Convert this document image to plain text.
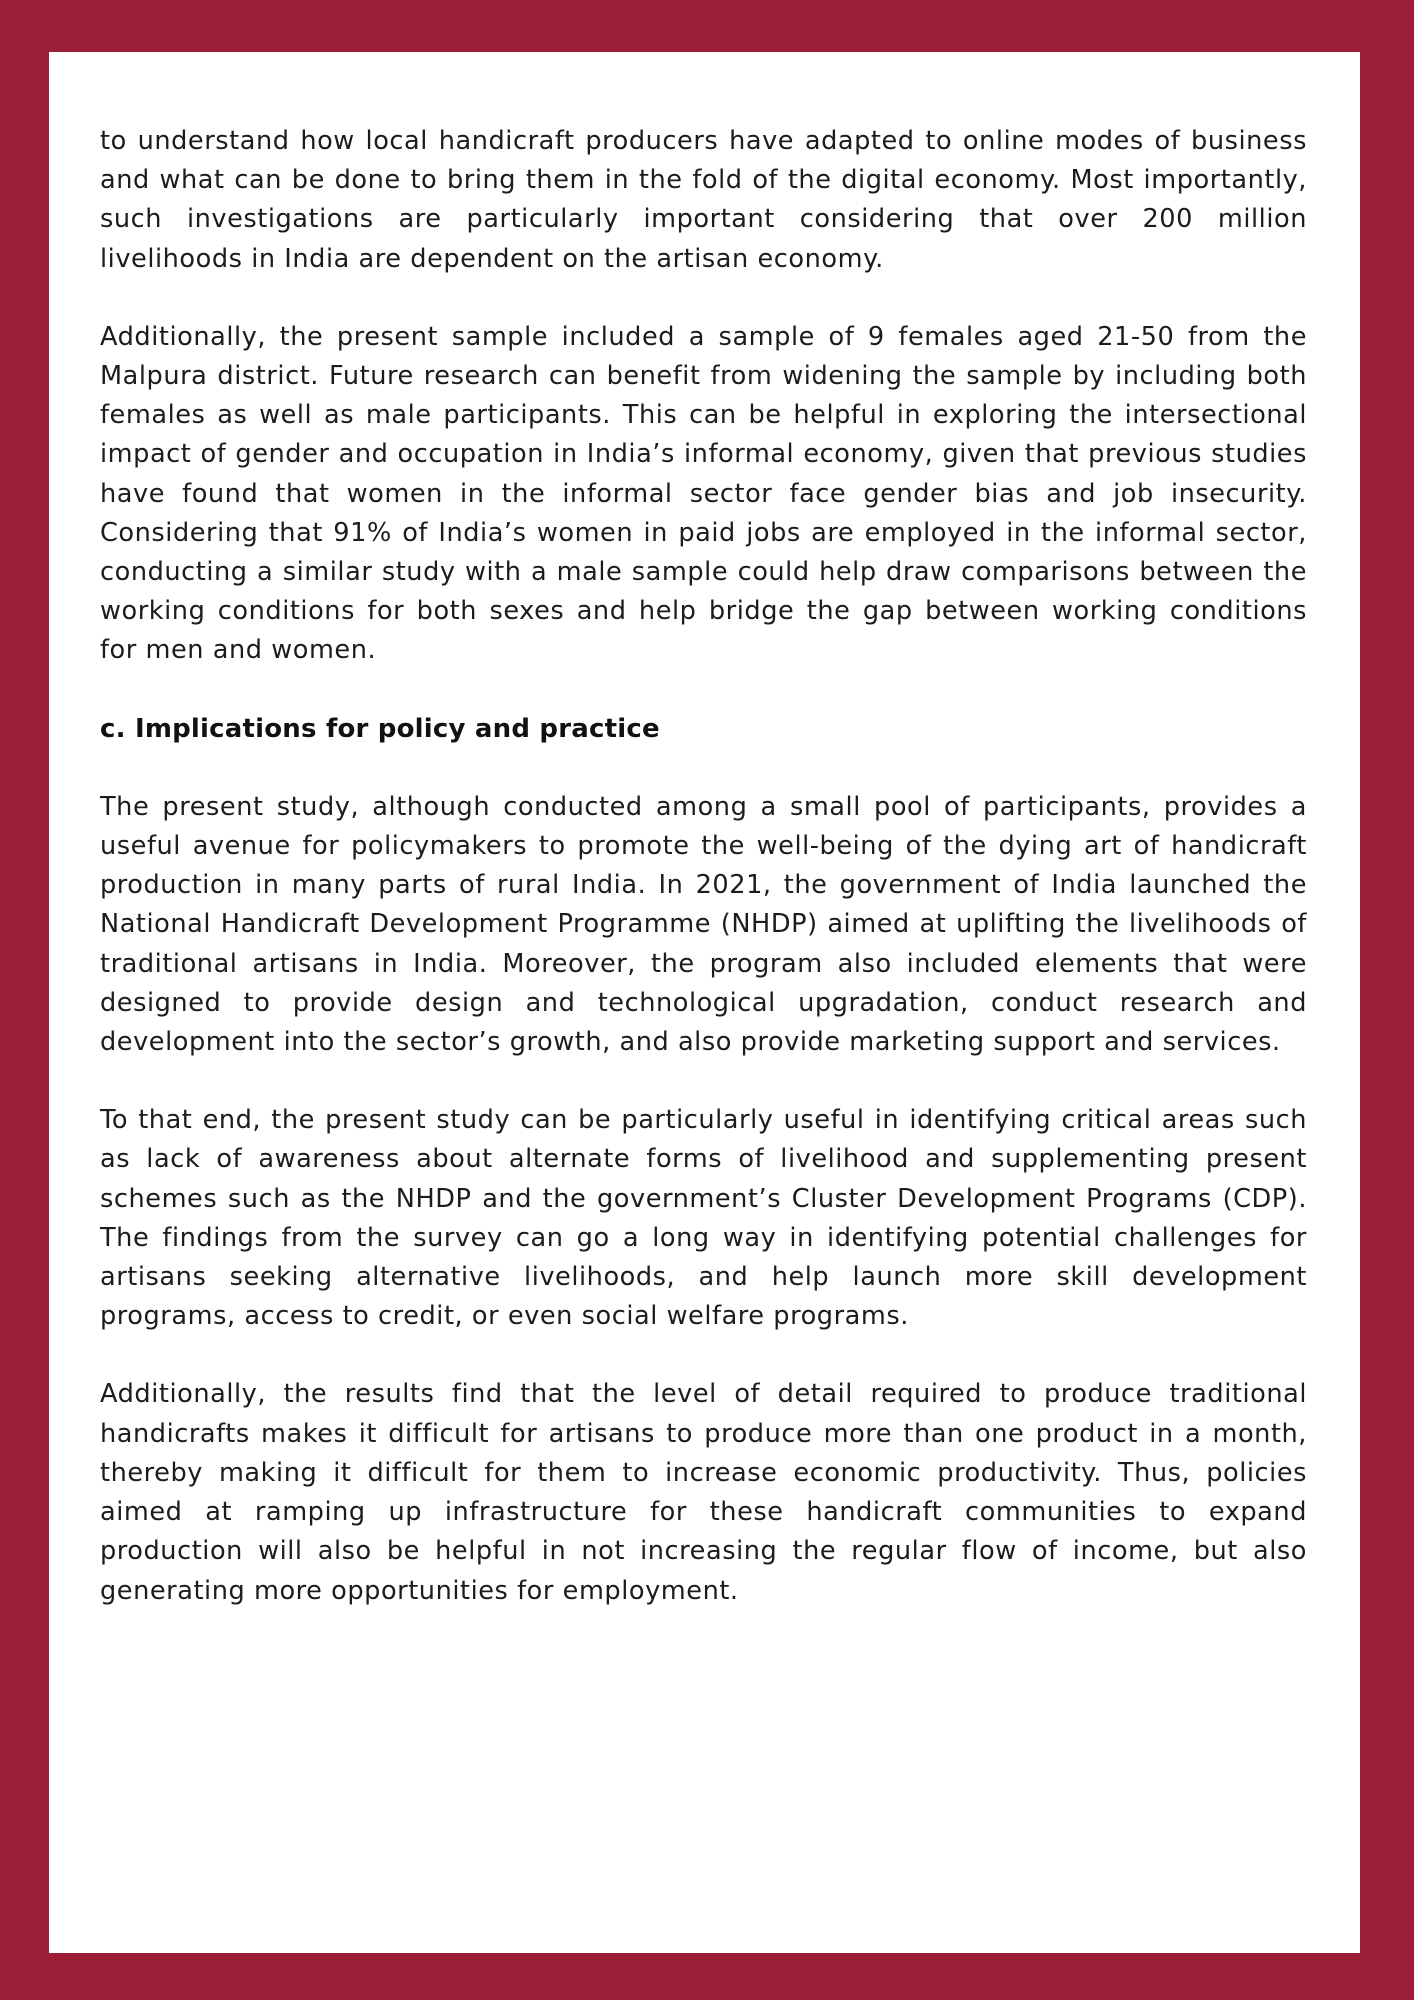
to understand how local handicraft producers have adapted to online modes of business and what can be done to bring them in the fold of the digital economy. Most importantly, such investigations are particularly important considering that over 200 million livelihoods in India are dependent on the artisan economy.

Additionally, the present sample included a sample of 9 females aged 21-50 from the Malpura district. Future research can benefit from widening the sample by including both females as well as male participants. This can be helpful in exploring the intersectional impact of gender and occupation in India’s informal economy, given that previous studies have found that women in the informal sector face gender bias and job insecurity. Considering that 91% of India’s women in paid jobs are employed in the informal sector, conducting a similar study with a male sample could help draw comparisons between the working conditions for both sexes and help bridge the gap between working conditions for men and women.

c. Implications for policy and practice

The present study, although conducted among a small pool of participants, provides a useful avenue for policymakers to promote the well-being of the dying art of handicraft production in many parts of rural India. In 2021, the government of India launched the National Handicraft Development Programme (NHDP) aimed at uplifting the livelihoods of traditional artisans in India. Moreover, the program also included elements that were designed to provide design and technological upgradation, conduct research and development into the sector’s growth, and also provide marketing support and services.

To that end, the present study can be particularly useful in identifying critical areas such as lack of awareness about alternate forms of livelihood and supplementing present schemes such as the NHDP and the government’s Cluster Development Programs (CDP). The findings from the survey can go a long way in identifying potential challenges for artisans seeking alternative livelihoods, and help launch more skill development programs, access to credit, or even social welfare programs.

Additionally, the results find that the level of detail required to produce traditional handicrafts makes it difficult for artisans to produce more than one product in a month, thereby making it difficult for them to increase economic productivity. Thus, policies aimed at ramping up infrastructure for these handicraft communities to expand production will also be helpful in not increasing the regular flow of income, but also generating more opportunities for employment.
